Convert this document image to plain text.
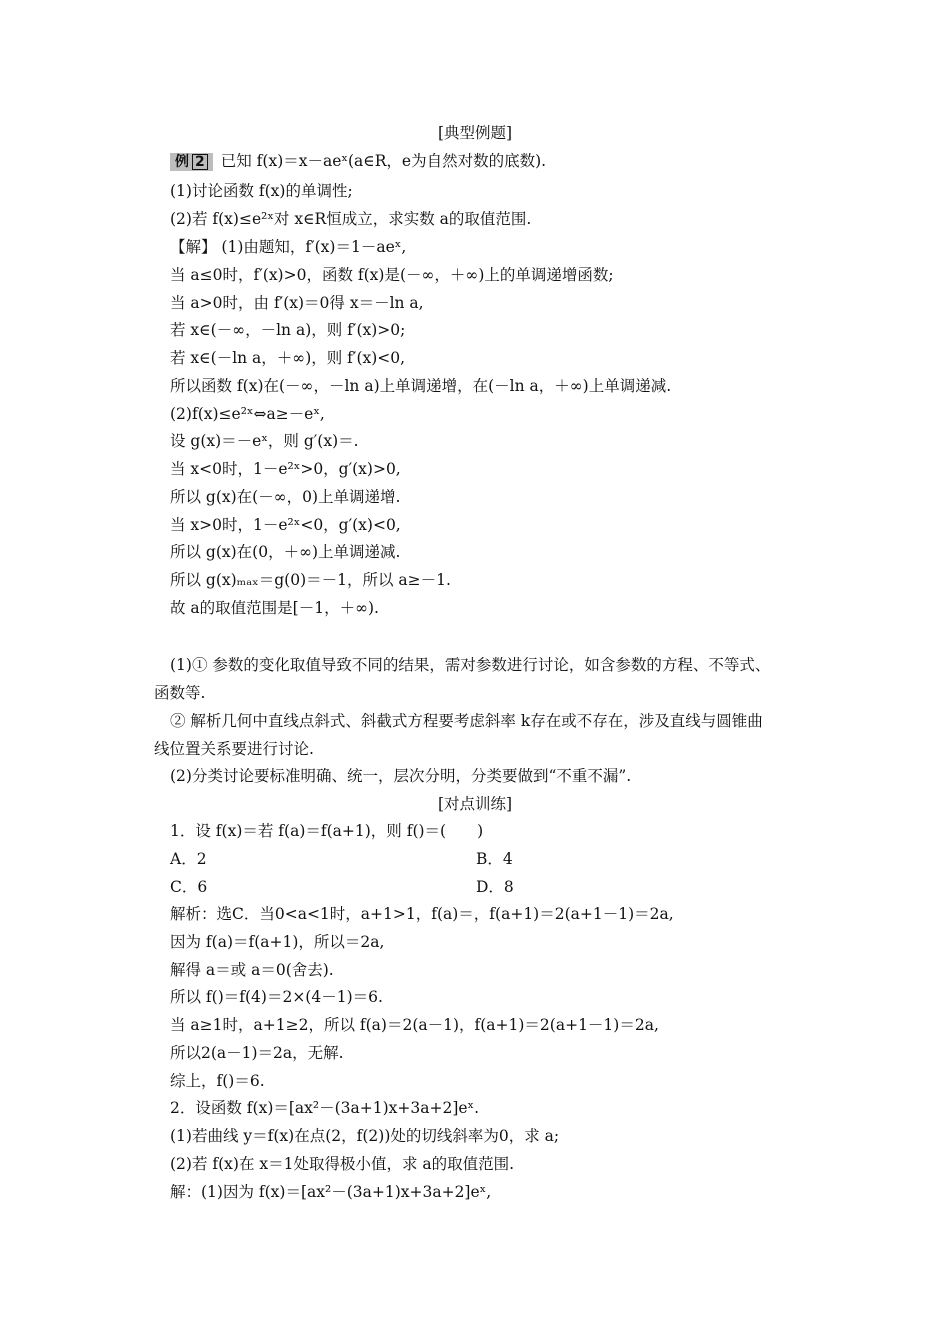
[典型例题]
例 2 已知 f(x)＝x－aeˣ(a∈R，e为自然对数的底数).
(1)讨论函数 f(x)的单调性;
(2)若 f(x)≤e²ˣ对 x∈R恒成立，求实数 a的取值范围.
【解】 (1)由题知，f′(x)＝1－aeˣ,
当 a≤0时，f′(x)>0，函数 f(x)是(－∞，＋∞)上的单调递增函数;
当 a>0时，由 f′(x)＝0得 x＝－ln a,
若 x∈(－∞，－ln a)，则 f′(x)>0;
若 x∈(－ln a，＋∞)，则 f′(x)<0,
所以函数 f(x)在(－∞，－ln a)上单调递增，在(－ln a，＋∞)上单调递减.
(2)f(x)≤e²ˣ⇔a≥－eˣ,
设 g(x)＝－eˣ，则 g′(x)＝.
当 x<0时，1－e²ˣ>0，g′(x)>0,
所以 g(x)在(－∞，0)上单调递增.
当 x>0时，1－e²ˣ<0，g′(x)<0,
所以 g(x)在(0，＋∞)上单调递减.
所以 g(x)ₘₐₓ＝g(0)＝－1，所以 a≥－1.
故 a的取值范围是[－1，＋∞).
(1)① 参数的变化取值导致不同的结果，需对参数进行讨论，如含参数的方程、不等式、
函数等.
② 解析几何中直线点斜式、斜截式方程要考虑斜率 k存在或不存在，涉及直线与圆锥曲
线位置关系要进行讨论.
(2)分类讨论要标准明确、统一，层次分明，分类要做到“不重不漏”.
[对点训练]
1．设 f(x)＝若 f(a)＝f(a+1)，则 f()＝(　　)
A．2	B．4
C．6	D．8
解析：选C．当0<a<1时，a+1>1，f(a)＝，f(a+1)＝2(a+1－1)＝2a,
因为 f(a)＝f(a+1)，所以＝2a,
解得 a＝或 a＝0(舍去).
所以 f()＝f(4)＝2×(4－1)＝6.
当 a≥1时，a+1≥2，所以 f(a)＝2(a－1)，f(a+1)＝2(a+1－1)＝2a,
所以2(a－1)＝2a，无解.
综上，f()＝6.
2．设函数 f(x)＝[ax²－(3a+1)x+3a+2]eˣ.
(1)若曲线 y＝f(x)在点(2，f(2))处的切线斜率为0，求 a;
(2)若 f(x)在 x＝1处取得极小值，求 a的取值范围.
解：(1)因为 f(x)＝[ax²－(3a+1)x+3a+2]eˣ,
